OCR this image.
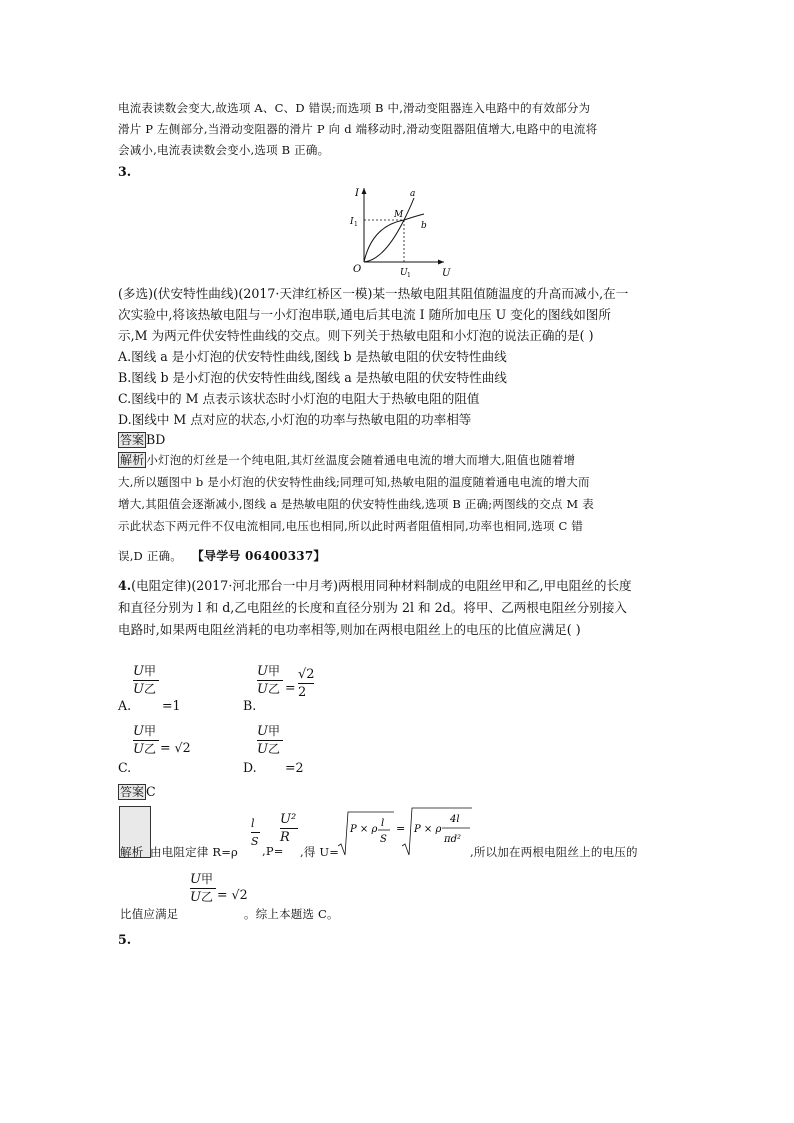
电流表读数会变大,故选项 A、C、D 错误;而选项 B 中,滑动变阻器连入电路中的有效部分为
滑片 P 左侧部分,当滑动变阻器的滑片 P 向 d 端移动时,滑动变阻器阻值增大,电路中的电流将
会减小,电流表读数会变小,选项 B 正确。
3.
I
U
O
I 1
U 1
M
a
b
(多选)(伏安特性曲线)(2017·天津红桥区一模)某一热敏电阻其阻值随温度的升高而减小,在一
次实验中,将该热敏电阻与一小灯泡串联,通电后其电流 I 随所加电压 U 变化的图线如图所
示,M 为两元件伏安特性曲线的交点。则下列关于热敏电阻和小灯泡的说法正确的是( )
A.图线 a 是小灯泡的伏安特性曲线,图线 b 是热敏电阻的伏安特性曲线
B.图线 b 是小灯泡的伏安特性曲线,图线 a 是热敏电阻的伏安特性曲线
C.图线中的 M 点表示该状态时小灯泡的电阻大于热敏电阻的阻值
D.图线中 M 点对应的状态,小灯泡的功率与热敏电阻的功率相等
答案 BD
解析 小灯泡的灯丝是一个纯电阻,其灯丝温度会随着通电电流的增大而增大,阻值也随着增
大,所以题图中 b 是小灯泡的伏安特性曲线;同理可知,热敏电阻的温度随着通电电流的增大而
增大,其阻值会逐渐减小,图线 a 是热敏电阻的伏安特性曲线,选项 B 正确;两图线的交点 M 表
示此状态下两元件不仅电流相同,电压也相同,所以此时两者阻值相同,功率也相同,选项 C 错
误,D 正确。 【导学号 06400337】
4.(电阻定律)(2017·河北邢台一中月考)两根用同种材料制成的电阻丝甲和乙,甲电阻丝的长度
和直径分别为 l 和 d,乙电阻丝的长度和直径分别为 2l 和 2d。将甲、乙两根电阻丝分别接入
电路时,如果两电阻丝消耗的电功率相等,则加在两根电阻丝上的电压的比值应满足( )
U甲
U乙
A. =1
U甲
U乙
B.
=
√2
2
U甲
U乙
C.
= √2
U甲
U乙
D. =2
答案 C
解析 由电阻定律 R=ρ
l
S
,P=
U²
R
,得 U=
P × ρ
l
S
= P × ρ
4l
πd²
,所以加在两根电阻丝上的电压的
比值应满足
U甲
U乙 = √2
。综上本题选 C。
5.
